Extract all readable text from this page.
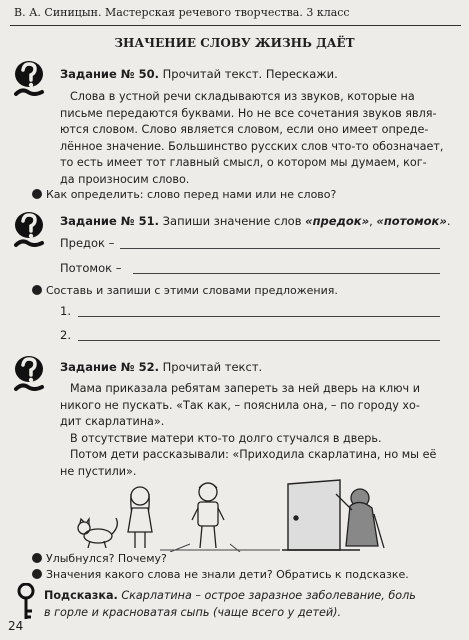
В. А. Синицын. Мастерская речевого творчества. 3 класс
ЗНАЧЕНИЕ СЛОВУ ЖИЗНЬ ДАЁТ
Задание № 50. Прочитай текст. Перескажи.
Слова в устной речи складываются из звуков, которые на
письме передаются буквами. Но не все сочетания звуков явля-
ются словом. Слово является словом, если оно имеет опреде-
лённое значение. Большинство русских слов что-то обозначает,
то есть имеет тот главный смысл, о котором мы думаем, ког-
да произносим слово.
Как определить: слово перед нами или не слово?
Задание № 51. Запиши значение слов «предок», «потомок».
Предок –
Потомок –
Составь и запиши с этими словами предложения.
1.
2.
Задание № 52. Прочитай текст.
Мама приказала ребятам запереть за ней дверь на ключ и
никого не пускать. «Так как, – пояснила она, – по городу хо-
дит скарлатина».
В отсутствие матери кто-то долго стучался в дверь.
Потом дети рассказывали: «Приходила скарлатина, но мы её
не пустили».
Улыбнулся? Почему?
Значения какого слова не знали дети? Обратись к подсказке.
Подсказка. Скарлатина – острое заразное заболевание, боль
в горле и красноватая сыпь (чаще всего у детей).
24
